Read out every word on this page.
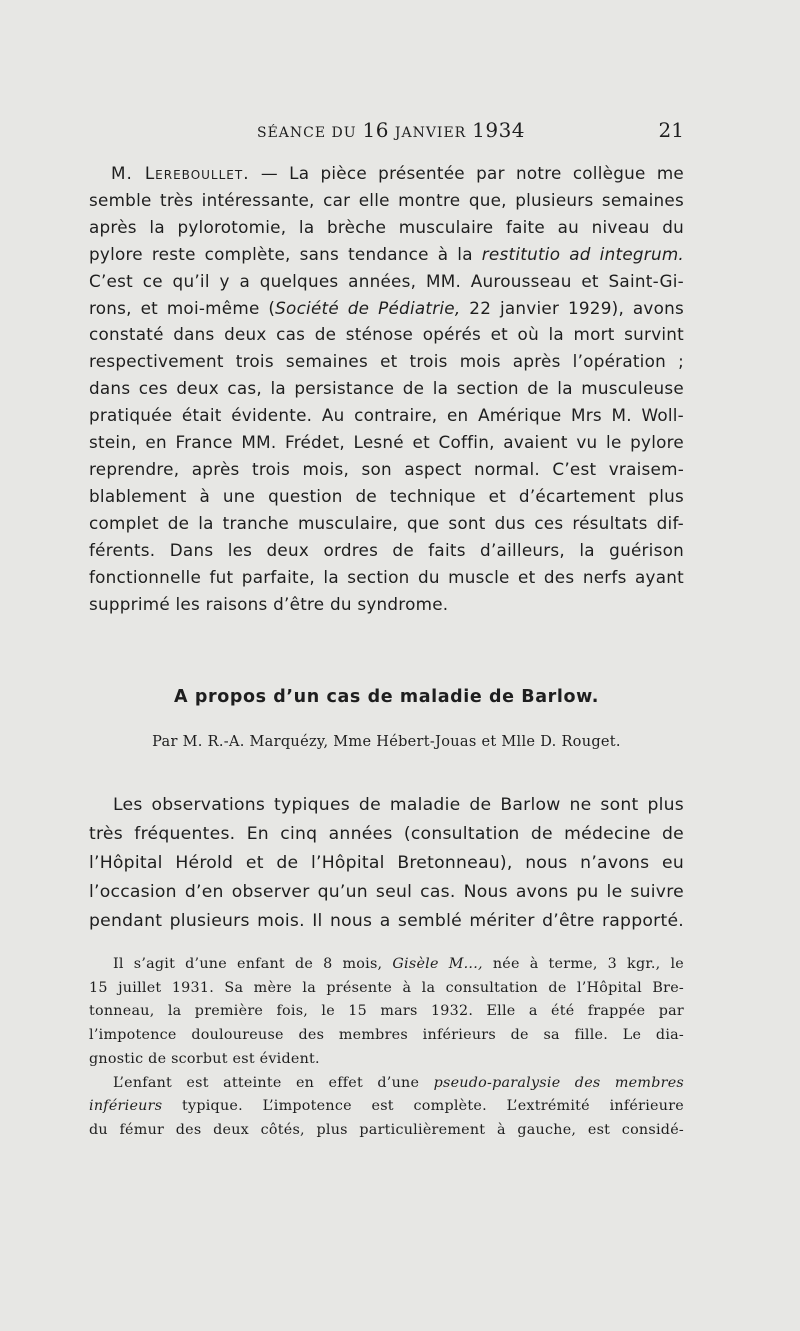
SÉANCE DU 16 JANVIER 1934	21
M. Lereboullet. — La pièce présentée par notre collègue me
semble très intéressante, car elle montre que, plusieurs semaines
après la pylorotomie, la brèche musculaire faite au niveau du
pylore reste complète, sans tendance à la restitutio ad integrum.
C’est ce qu’il y a quelques années, MM. Aurousseau et Saint-Gi-
rons, et moi-même (Société de Pédiatrie, 22 janvier 1929), avons
constaté dans deux cas de sténose opérés et où la mort survint
respectivement trois semaines et trois mois après l’opération ;
dans ces deux cas, la persistance de la section de la musculeuse
pratiquée était évidente. Au contraire, en Amérique Mrs M. Woll-
stein, en France MM. Frédet, Lesné et Coffin, avaient vu le pylore
reprendre, après trois mois, son aspect normal. C’est vraisem-
blablement à une question de technique et d’écartement plus
complet de la tranche musculaire, que sont dus ces résultats dif-
férents. Dans les deux ordres de faits d’ailleurs, la guérison
fonctionnelle fut parfaite, la section du muscle et des nerfs ayant
supprimé les raisons d’être du syndrome.
A propos d’un cas de maladie de Barlow.
Par M. R.-A. Marquézy, Mme Hébert-Jouas et Mlle D. Rouget.
Les observations typiques de maladie de Barlow ne sont plus
très fréquentes. En cinq années (consultation de médecine de
l’Hôpital Hérold et de l’Hôpital Bretonneau), nous n’avons eu
l’occasion d’en observer qu’un seul cas. Nous avons pu le suivre
pendant plusieurs mois. Il nous a semblé mériter d’être rapporté.
Il s’agit d’une enfant de 8 mois, Gisèle M..., née à terme, 3 kgr., le
15 juillet 1931. Sa mère la présente à la consultation de l’Hôpital Bre-
tonneau, la première fois, le 15 mars 1932. Elle a été frappée par
l’impotence douloureuse des membres inférieurs de sa fille. Le dia-
gnostic de scorbut est évident.
L’enfant est atteinte en effet d’une pseudo-paralysie des membres
inférieurs typique. L’impotence est complète. L’extrémité inférieure
du fémur des deux côtés, plus particulièrement à gauche, est considé-
